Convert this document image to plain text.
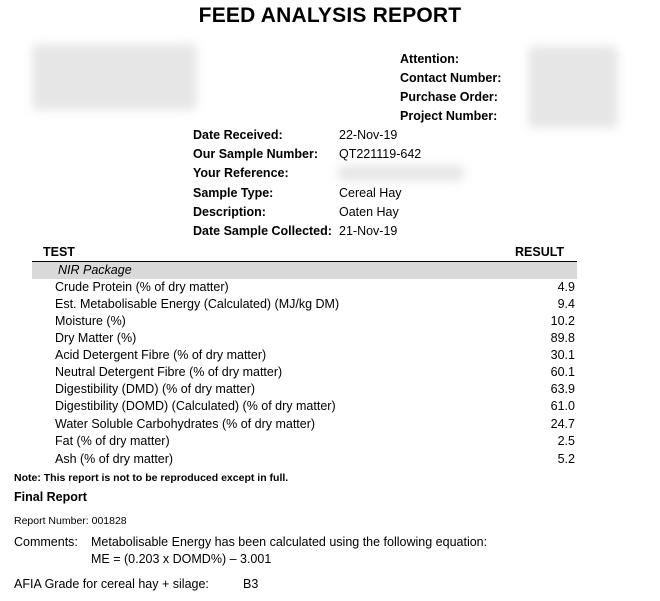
FEED ANALYSIS REPORT
Attention:
Contact Number:
Purchase Order:
Project Number:
Date Received:	22-Nov-19
Our Sample Number: QT221119-642
Your Reference:
Sample Type:	Cereal Hay
Description:	Oaten Hay
Date Sample Collected: 21-Nov-19
TEST	RESULT
NIR Package
Crude Protein (% of dry matter)	4.9
Est. Metabolisable Energy (Calculated) (MJ/kg DM)	9.4
Moisture (%)	10.2
Dry Matter (%)	89.8
Acid Detergent Fibre (% of dry matter)	30.1
Neutral Detergent Fibre (% of dry matter)	60.1
Digestibility (DMD) (% of dry matter)	63.9
Digestibility (DOMD) (Calculated) (% of dry matter)	61.0
Water Soluble Carbohydrates (% of dry matter)	24.7
Fat (% of dry matter)	2.5
Ash (% of dry matter)	5.2
Note: This report is not to be reproduced except in full.
Final Report
Report Number: 001828
Comments: Metabolisable Energy has been calculated using the following equation:
ME = (0.203 x DOMD%) – 3.001
AFIA Grade for cereal hay + silage:	B3
